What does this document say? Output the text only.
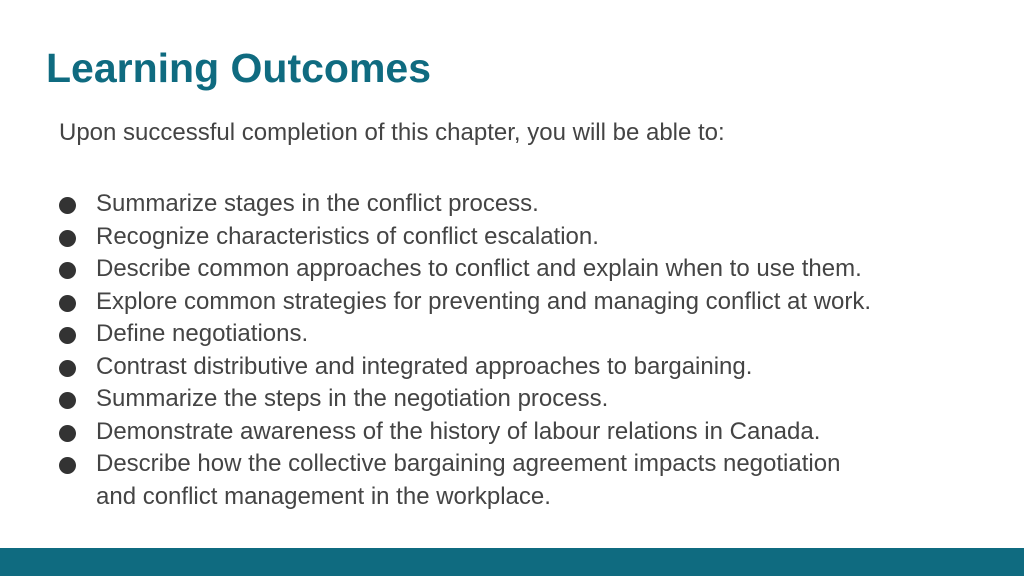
Learning Outcomes

Upon successful completion of this chapter, you will be able to:

Summarize stages in the conflict process.
Recognize characteristics of conflict escalation.
Describe common approaches to conflict and explain when to use them.
Explore common strategies for preventing and managing conflict at work.
Define negotiations.
Contrast distributive and integrated approaches to bargaining.
Summarize the steps in the negotiation process.
Demonstrate awareness of the history of labour relations in Canada.
Describe how the collective bargaining agreement impacts negotiation
and conflict management in the workplace.
